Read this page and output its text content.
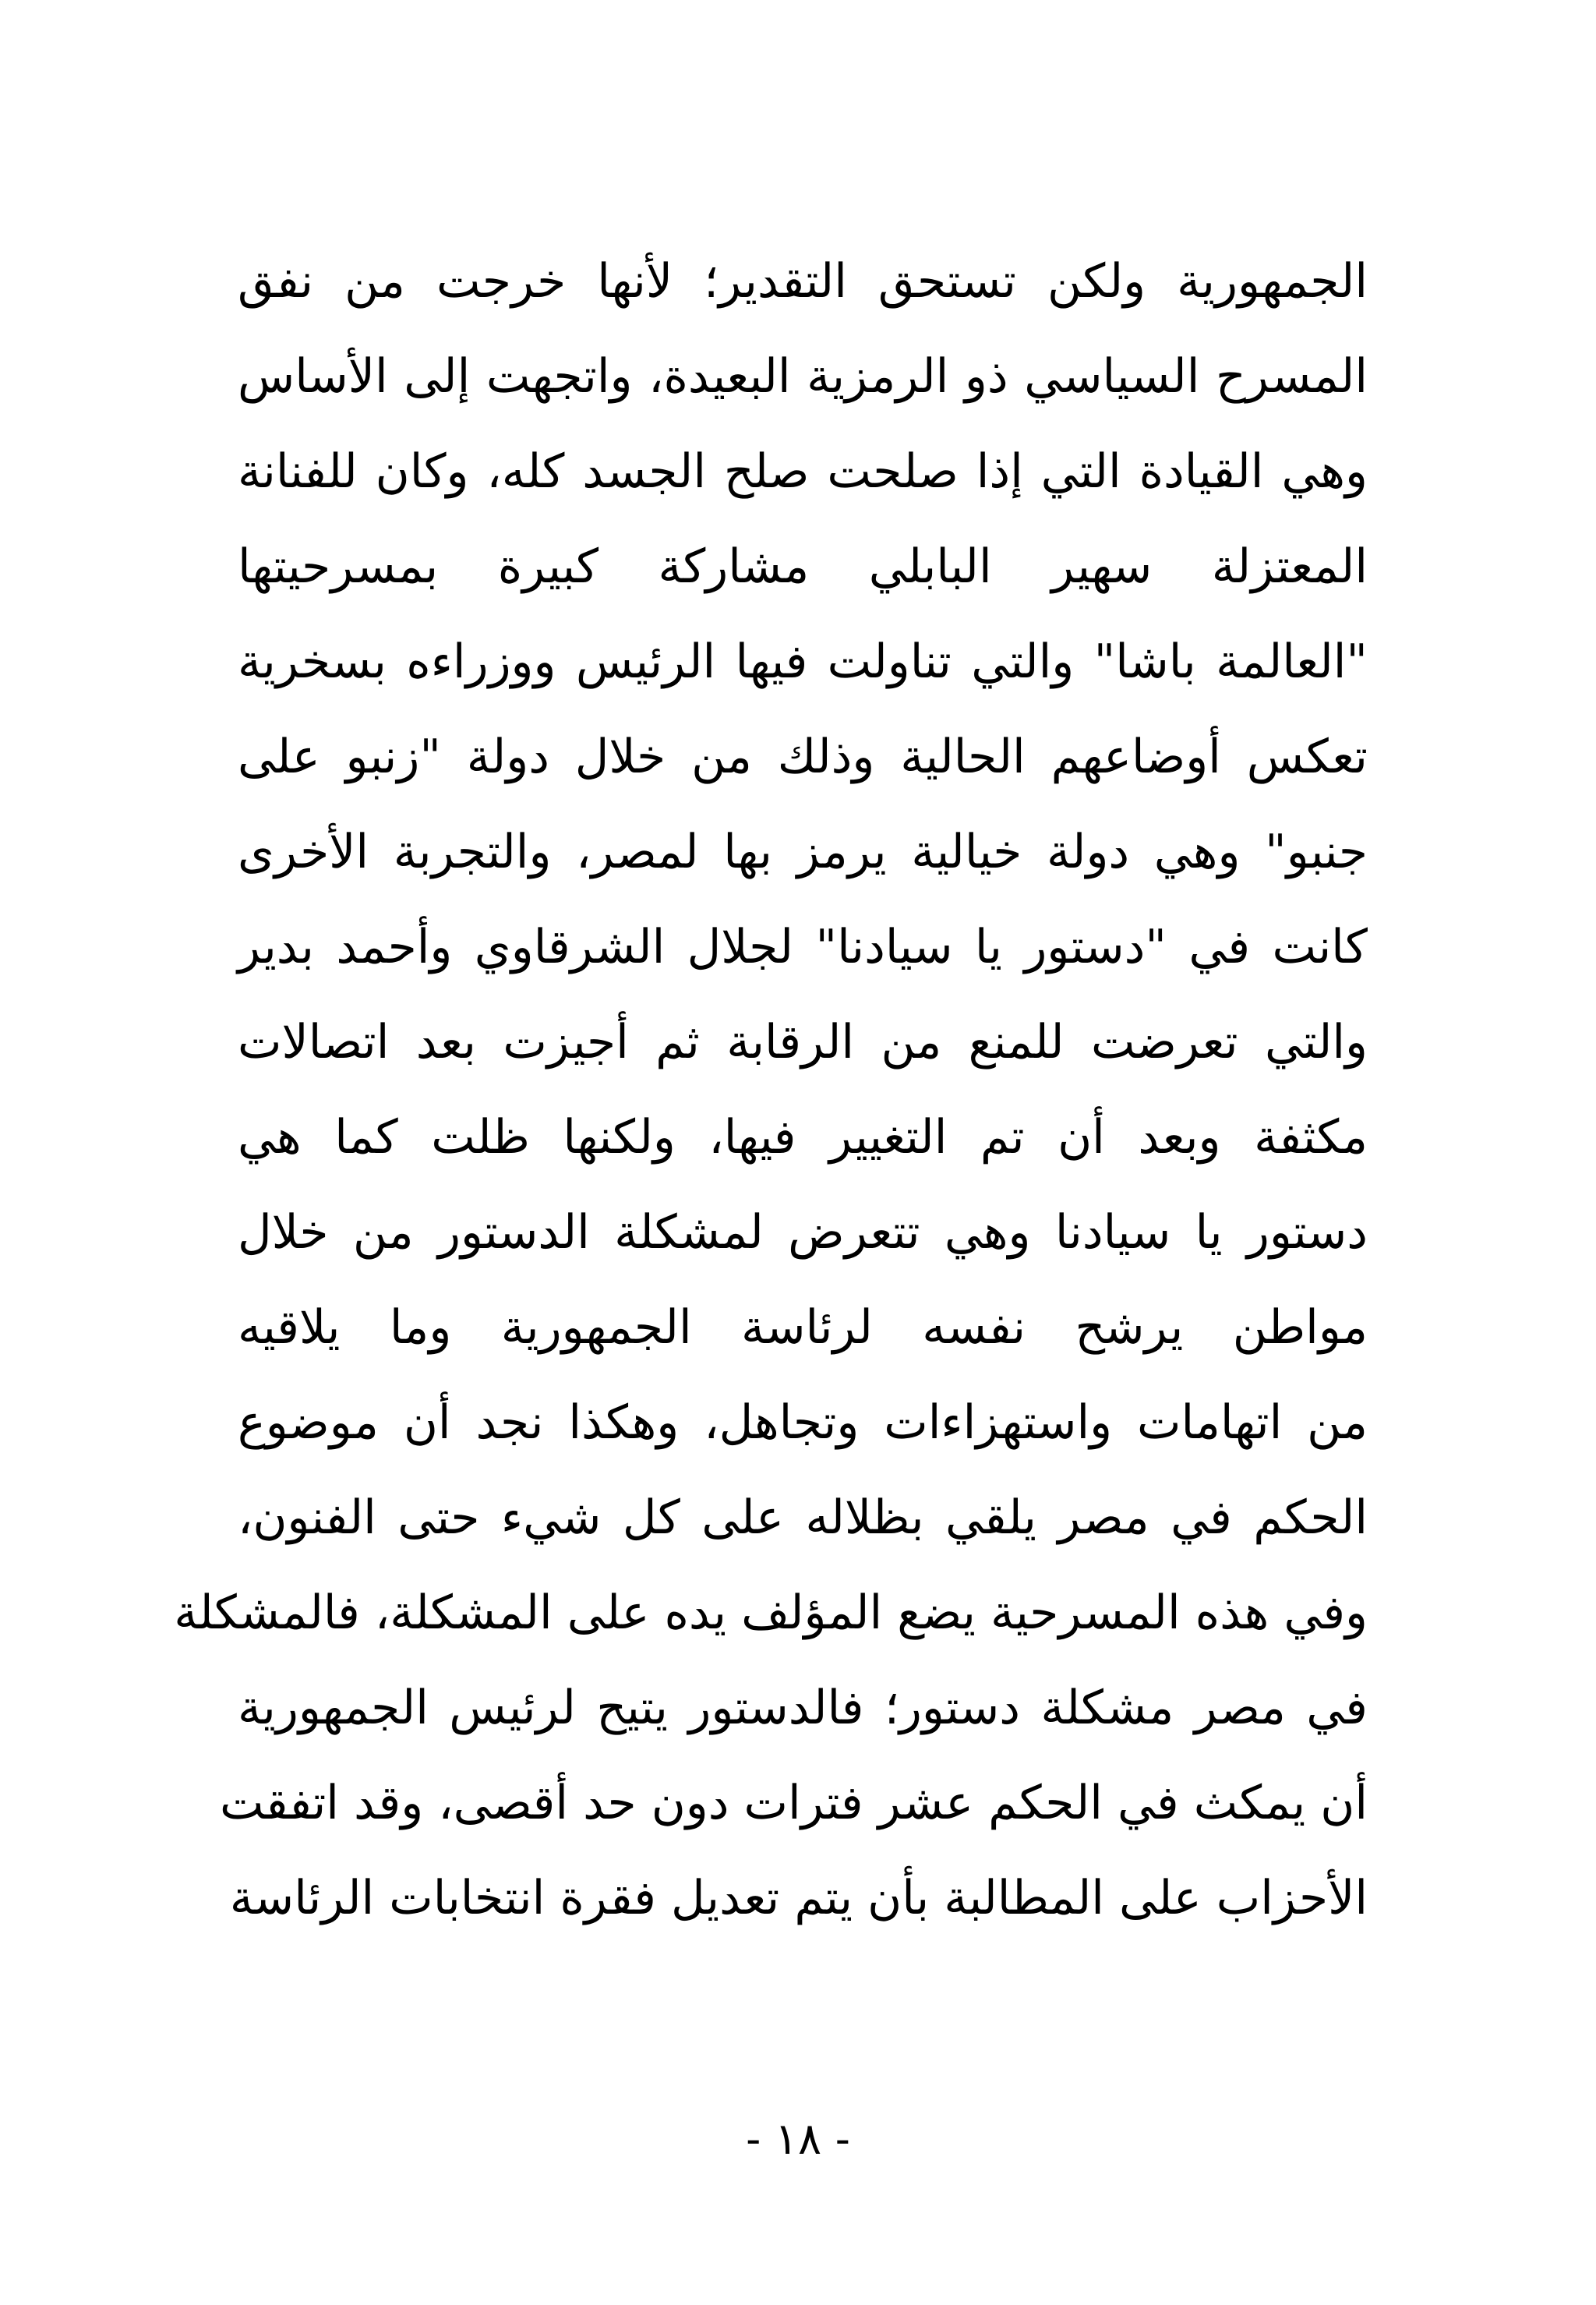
الجمهورية ولكن تستحق التقدير؛ لأنها خرجت من نفق
المسرح السياسي ذو الرمزية البعيدة، واتجهت إلى الأساس
وهي القيادة التي إذا صلحت صلح الجسد كله، وكان للفنانة
المعتزلة سهير البابلي مشاركة كبيرة بمسرحيتها
"العالمة باشا" والتي تناولت فيها الرئيس ووزراءه بسخرية
تعكس أوضاعهم الحالية وذلك من خلال دولة "زنبو على
جنبو" وهي دولة خيالية يرمز بها لمصر، والتجربة الأخرى
كانت في "دستور يا سيادنا" لجلال الشرقاوي وأحمد بدير
والتي تعرضت للمنع من الرقابة ثم أجيزت بعد اتصالات
مكثفة وبعد أن تم التغيير فيها، ولكنها ظلت كما هي
دستور يا سيادنا وهي تتعرض لمشكلة الدستور من خلال
مواطن يرشح نفسه لرئاسة الجمهورية وما يلاقيه
من اتهامات واستهزاءات وتجاهل، وهكذا نجد أن موضوع
الحكم في مصر يلقي بظلاله على كل شيء حتى الفنون،
وفي هذه المسرحية يضع المؤلف يده على المشكلة، فالمشكلة
في مصر مشكلة دستور؛ فالدستور يتيح لرئيس الجمهورية
أن يمكث في الحكم عشر فترات دون حد أقصى، وقد اتفقت
الأحزاب على المطالبة بأن يتم تعديل فقرة انتخابات الرئاسة
- ١٨ -
